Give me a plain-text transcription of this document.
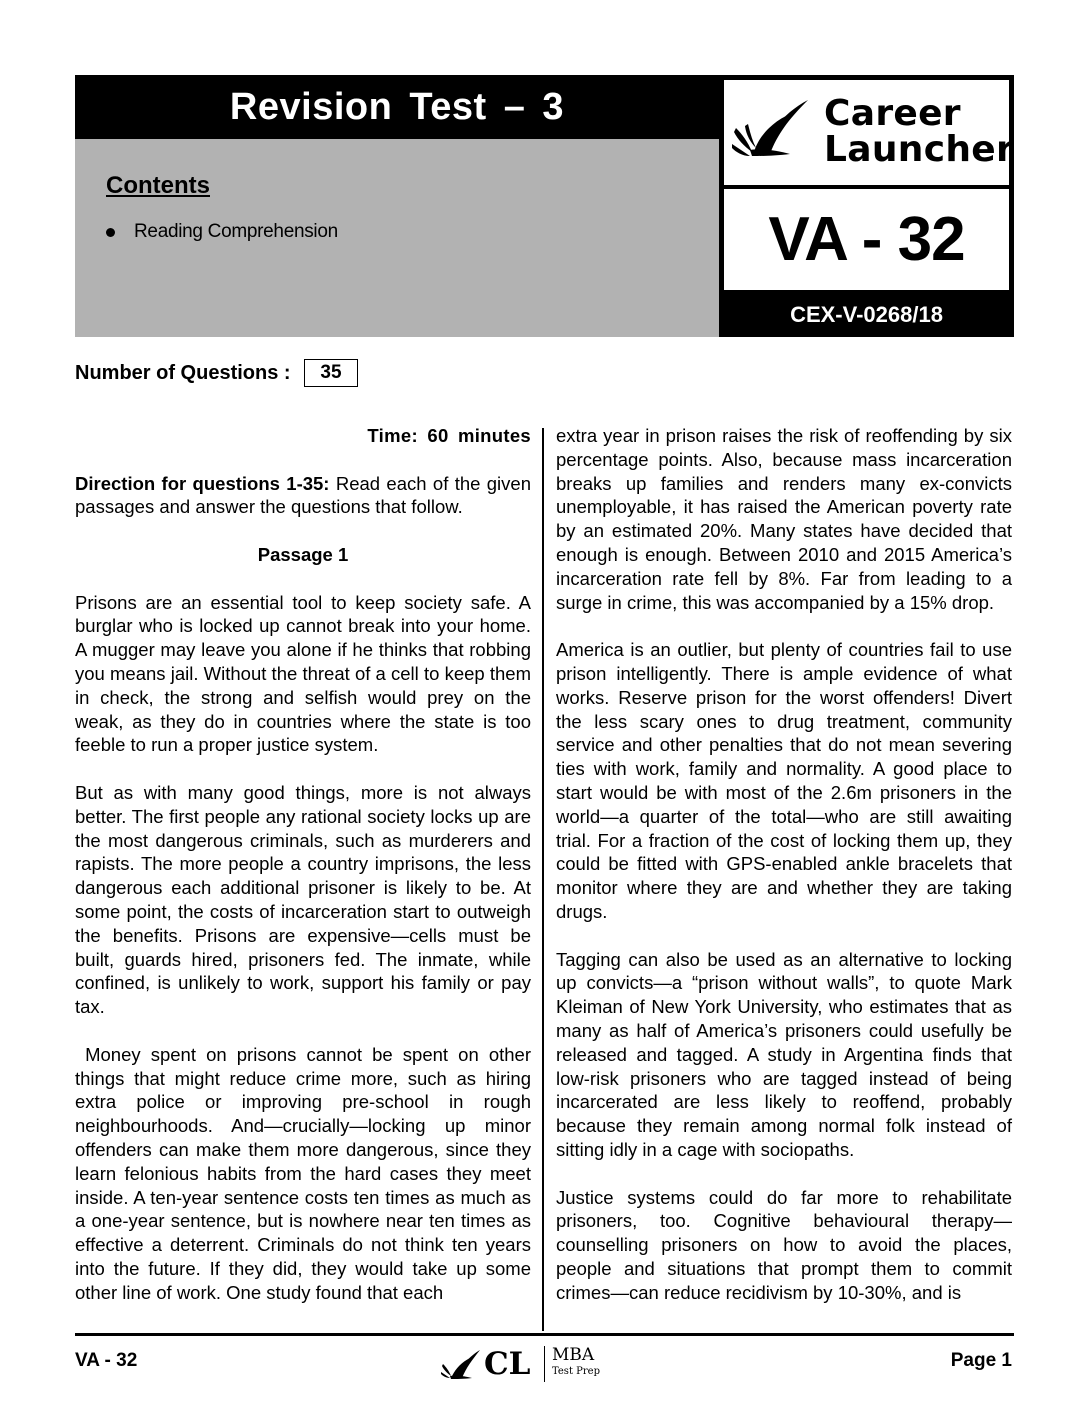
Revision Test – 3
Contents
Reading Comprehension
Career
Launcher
VA - 32
CEX-V-0268/18
Number of Questions :	35

Time: 60 minutes

Direction for questions 1-35: Read each of the given passages and answer the questions that follow.

Passage 1

Prisons are an essential tool to keep society safe. A burglar who is locked up cannot break into your home. A mugger may leave you alone if he thinks that robbing you means jail. Without the threat of a cell to keep them in check, the strong and selfish would prey on the weak, as they do in countries where the state is too feeble to run a proper justice system.

But as with many good things, more is not always better. The first people any rational society locks up are the most dangerous criminals, such as murderers and rapists. The more people a country imprisons, the less dangerous each additional prisoner is likely to be. At some point, the costs of incarceration start to outweigh the benefits. Prisons are expensive—cells must be built, guards hired, prisoners fed. The inmate, while confined, is unlikely to work, support his family or pay tax.

Money spent on prisons cannot be spent on other things that might reduce crime more, such as hiring extra police or improving pre-school in rough neighbourhoods. And—crucially—locking up minor offenders can make them more dangerous, since they learn felonious habits from the hard cases they meet inside. A ten-year sentence costs ten times as much as a one-year sentence, but is nowhere near ten times as effective a deterrent. Criminals do not think ten years into the future. If they did, they would take up some other line of work. One study found that each

extra year in prison raises the risk of reoffending by six percentage points. Also, because mass incarceration breaks up families and renders many ex-convicts unemployable, it has raised the American poverty rate by an estimated 20%. Many states have decided that enough is enough. Between 2010 and 2015 America’s incarceration rate fell by 8%. Far from leading to a surge in crime, this was accompanied by a 15% drop.

America is an outlier, but plenty of countries fail to use prison intelligently. There is ample evidence of what works. Reserve prison for the worst offenders! Divert the less scary ones to drug treatment, community service and other penalties that do not mean severing ties with work, family and normality. A good place to start would be with most of the 2.6m prisoners in the world—a quarter of the total—who are still awaiting trial. For a fraction of the cost of locking them up, they could be fitted with GPS-enabled ankle bracelets that monitor where they are and whether they are taking drugs.

Tagging can also be used as an alternative to locking up convicts—a “prison without walls”, to quote Mark Kleiman of New York University, who estimates that as many as half of America’s prisoners could usefully be released and tagged. A study in Argentina finds that low-risk prisoners who are tagged instead of being incarcerated are less likely to reoffend, probably because they remain among normal folk instead of sitting idly in a cage with sociopaths.

Justice systems could do far more to rehabilitate prisoners, too. Cognitive behavioural therapy—counselling prisoners on how to avoid the places, people and situations that prompt them to commit crimes—can reduce recidivism by 10-30%, and is

VA - 32	CL MBA
Test Prep
Page 1
